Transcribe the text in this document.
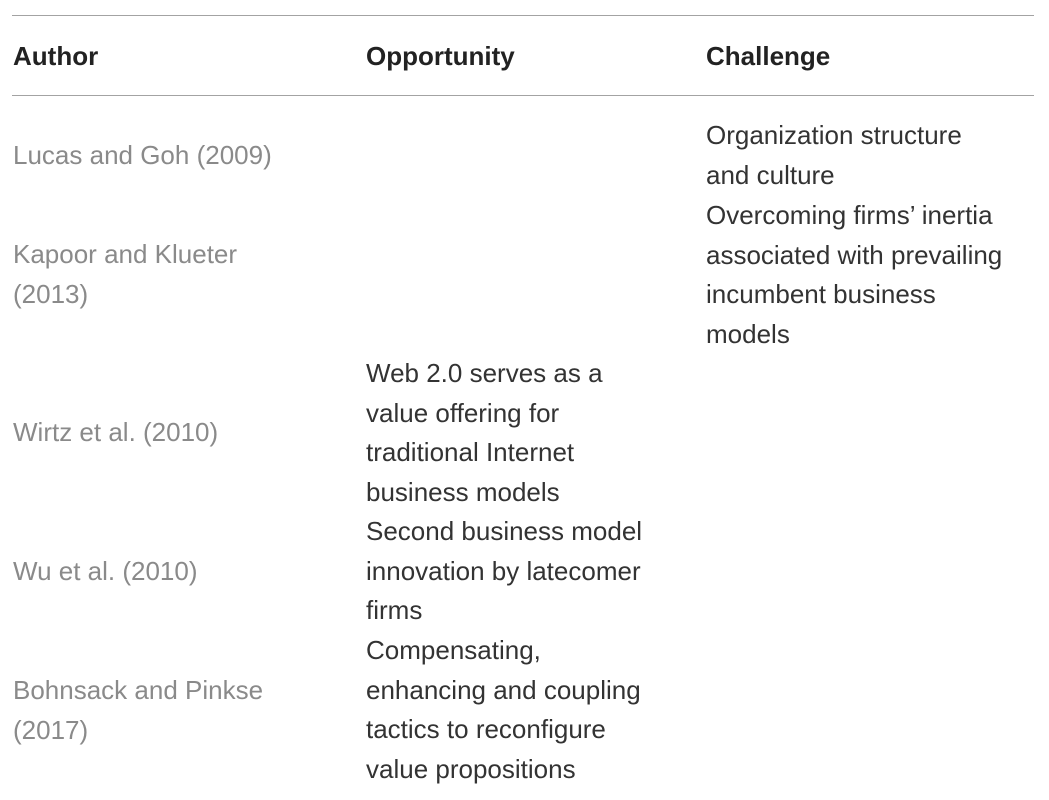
Author	Opportunity	Challenge
Lucas and Goh (2009)
Organization structure
and culture
Kapoor and Klueter
(2013)
Overcoming firms’ inertia
associated with prevailing
incumbent business
models
Wirtz et al. (2010)
Web 2.0 serves as a
value offering for
traditional Internet
business models
Wu et al. (2010)
Second business model
innovation by latecomer
firms
Bohnsack and Pinkse
(2017)
Compensating,
enhancing and coupling
tactics to reconfigure
value propositions
